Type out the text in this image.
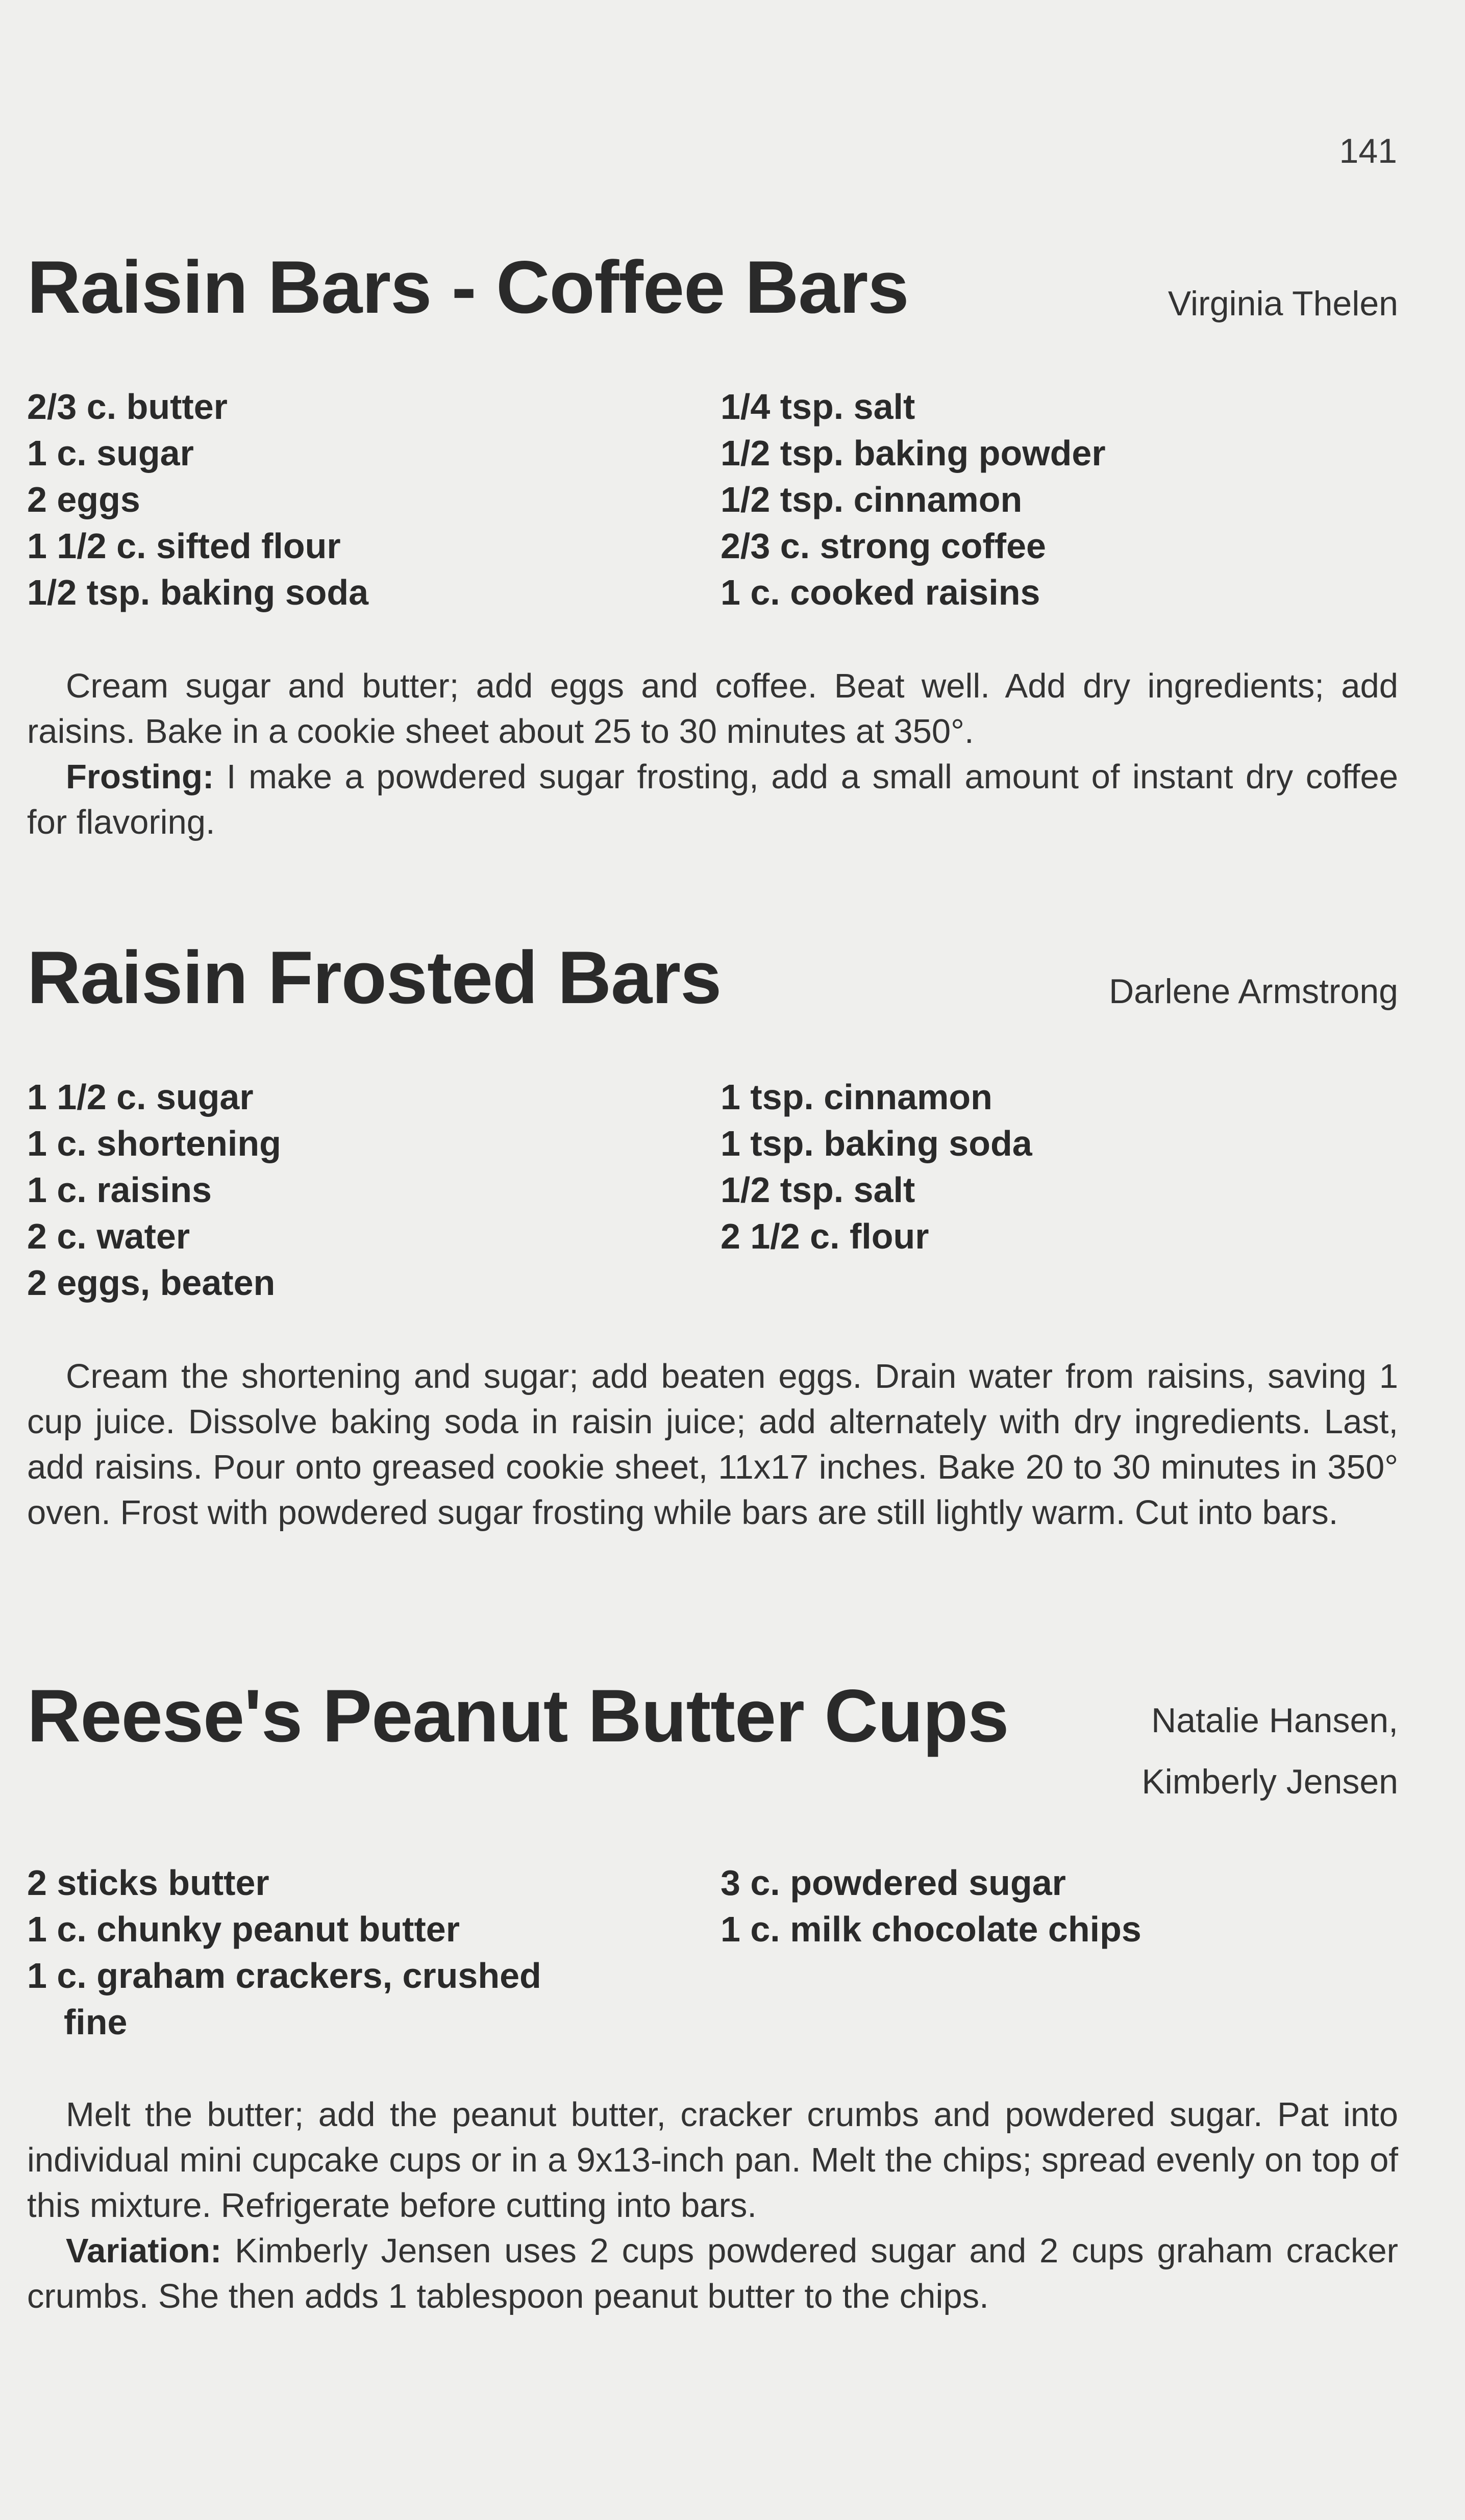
141
Raisin Bars - Coffee Bars	Virginia Thelen
2/3 c. butter
1 c. sugar
2 eggs
1 1/2 c. sifted flour
1/2 tsp. baking soda
1/4 tsp. salt
1/2 tsp. baking powder
1/2 tsp. cinnamon
2/3 c. strong coffee
1 c. cooked raisins

Cream sugar and butter; add eggs and coffee. Beat well. Add dry ingredients; add raisins. Bake in a cookie sheet about 25 to 30 minutes at 350°.

Frosting: I make a powdered sugar frosting, add a small amount of instant dry coffee for flavoring.

Raisin Frosted Bars	Darlene Armstrong
1 1/2 c. sugar
1 c. shortening
1 c. raisins
2 c. water
2 eggs, beaten
1 tsp. cinnamon
1 tsp. baking soda
1/2 tsp. salt
2 1/2 c. flour

Cream the shortening and sugar; add beaten eggs. Drain water from raisins, saving 1 cup juice. Dissolve baking soda in raisin juice; add alternately with dry ingredients. Last, add raisins. Pour onto greased cookie sheet, 11x17 inches. Bake 20 to 30 minutes in 350° oven. Frost with powdered sugar frosting while bars are still lightly warm. Cut into bars.

Reese's Peanut Butter Cups	Natalie Hansen,
Kimberly Jensen
2 sticks butter
1 c. chunky peanut butter
1 c. graham crackers, crushed
fine
3 c. powdered sugar
1 c. milk chocolate chips

Melt the butter; add the peanut butter, cracker crumbs and powdered sugar. Pat into individual mini cupcake cups or in a 9x13-inch pan. Melt the chips; spread evenly on top of this mixture. Refrigerate before cutting into bars.

Variation: Kimberly Jensen uses 2 cups powdered sugar and 2 cups graham cracker crumbs. She then adds 1 tablespoon peanut butter to the chips.
